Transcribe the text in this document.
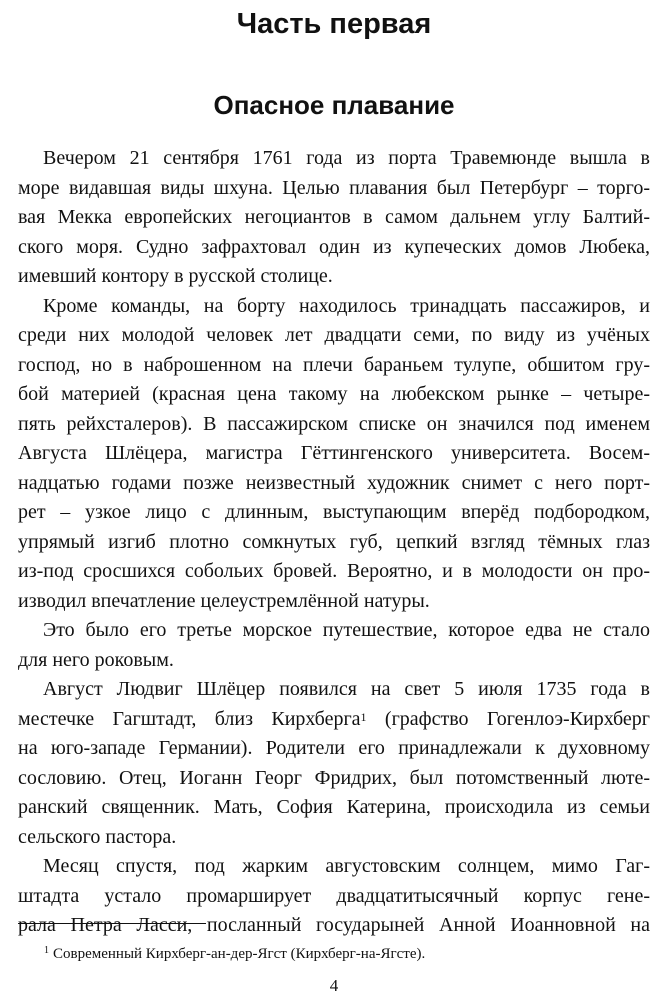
Часть первая
Опасное плавание

Вечером 21 сентября 1761 года из порта Травемюнде вышла в
море видавшая виды шхуна. Целью плавания был Петербург – торго-
вая Мекка европейских негоциантов в самом дальнем углу Балтий-
ского моря. Судно зафрахтовал один из купеческих домов Любека,
имевший контору в русской столице.

Кроме команды, на борту находилось тринадцать пассажиров, и
среди них молодой человек лет двадцати семи, по виду из учёных
господ, но в наброшенном на плечи бараньем тулупе, обшитом гру-
бой материей (красная цена такому на любекском рынке – четыре-
пять рейхсталеров). В пассажирском списке он значился под именем
Августа Шлёцера, магистра Гёттингенского университета. Восем-
надцатью годами позже неизвестный художник снимет с него порт-
рет – узкое лицо с длинным, выступающим вперёд подбородком,
упрямый изгиб плотно сомкнутых губ, цепкий взгляд тёмных глаз
из-под сросшихся собольих бровей. Вероятно, и в молодости он про-
изводил впечатление целеустремлённой натуры.

Это было его третье морское путешествие, которое едва не стало
для него роковым.

Август Людвиг Шлёцер появился на свет 5 июля 1735 года в
местечке Гагштадт, близ Кирхберга$^1$ (графство Гогенлоэ-Кирхберг
на юго-западе Германии). Родители его принадлежали к духовному
сословию. Отец, Иоганн Георг Фридрих, был потомственный люте-
ранский священник. Мать, София Катерина, происходила из семьи
сельского пастора.

Месяц спустя, под жарким августовским солнцем, мимо Гаг-
штадта устало промарширует двадцатитысячный корпус гене-
рала Петра Ласси, посланный государыней Анной Иоанновной на

$^1$ Современный Кирхберг-ан-дер-Ягст (Кирхберг-на-Ягсте).
4
